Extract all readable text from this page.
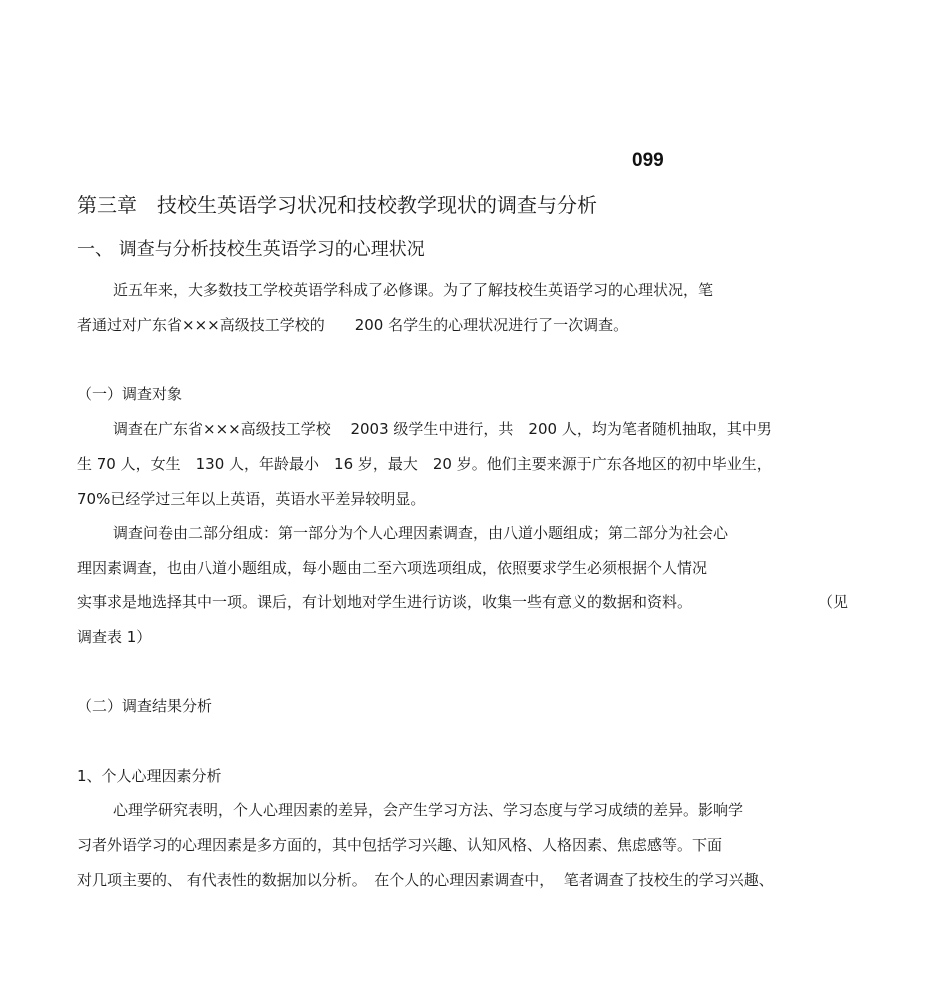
099
第三章　技校生英语学习状况和技校教学现状的调查与分析
一、 调查与分析技校生英语学习的心理状况
近五年来，大多数技工学校英语学科成了必修课。为了了解技校生英语学习的心理状况，笔
者通过对广东省×××高级技工学校的　　200 名学生的心理状况进行了一次调查。
（一）调查对象
调查在广东省×××高级技工学校　 2003 级学生中进行，共　200 人，均为笔者随机抽取，其中男
生 70 人，女生　130 人，年龄最小　16 岁，最大　20 岁。他们主要来源于广东各地区的初中毕业生，
70%已经学过三年以上英语，英语水平差异较明显。
调查问卷由二部分组成：第一部分为个人心理因素调查，由八道小题组成；第二部分为社会心
理因素调查，也由八道小题组成，每小题由二至六项选项组成，依照要求学生必须根据个人情况
实事求是地选择其中一项。课后，有计划地对学生进行访谈，收集一些有意义的数据和资料。	（见
调查表 1）
（二）调查结果分析
1、个人心理因素分析
心理学研究表明，个人心理因素的差异，会产生学习方法、学习态度与学习成绩的差异。影响学
习者外语学习的心理因素是多方面的，其中包括学习兴趣、认知风格、人格因素、焦虑感等。下面
对几项主要的、 有代表性的数据加以分析。　在个人的心理因素调查中，  笔者调查了技校生的学习兴趣、
